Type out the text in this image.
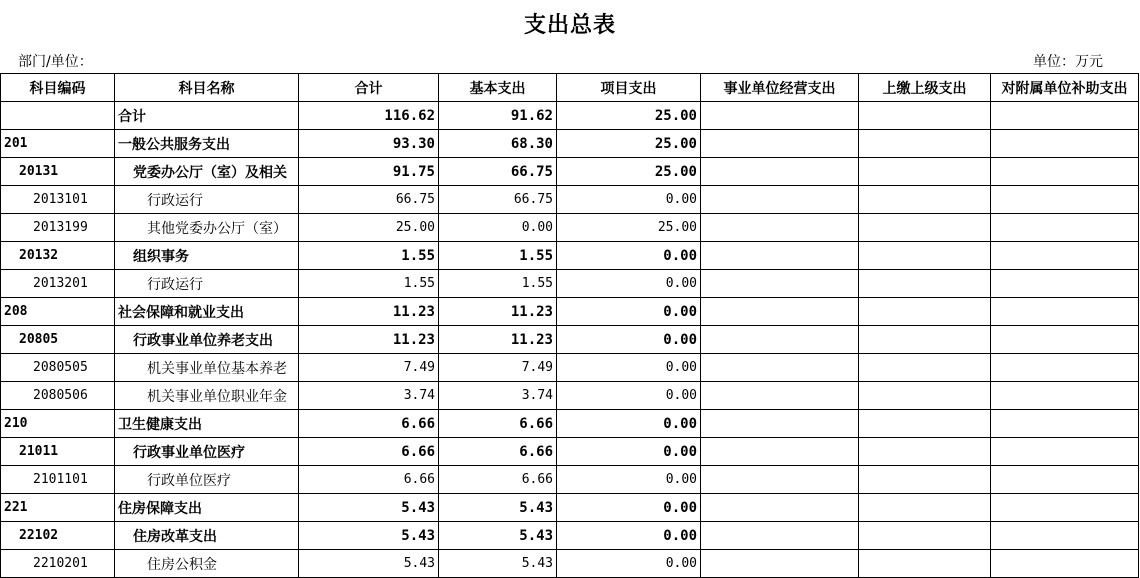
支出总表
部门/单位：	单位：万元
科目编码	科目名称	合计	基本支出	项目支出	事业单位经营支出	上缴上级支出	对附属单位补助支出
	合计	116.62	91.62	25.00			
201	一般公共服务支出	93.30	68.30	25.00			
20131	党委办公厅（室）及相关	91.75	66.75	25.00			
2013101	行政运行	66.75	66.75	0.00			
2013199	其他党委办公厅（室）	25.00	0.00	25.00			
20132	组织事务	1.55	1.55	0.00			
2013201	行政运行	1.55	1.55	0.00			
208	社会保障和就业支出	11.23	11.23	0.00			
20805	行政事业单位养老支出	11.23	11.23	0.00			
2080505	机关事业单位基本养老	7.49	7.49	0.00			
2080506	机关事业单位职业年金	3.74	3.74	0.00			
210	卫生健康支出	6.66	6.66	0.00			
21011	行政事业单位医疗	6.66	6.66	0.00			
2101101	行政单位医疗	6.66	6.66	0.00			
221	住房保障支出	5.43	5.43	0.00			
22102	住房改革支出	5.43	5.43	0.00			
2210201	住房公积金	5.43	5.43	0.00			
